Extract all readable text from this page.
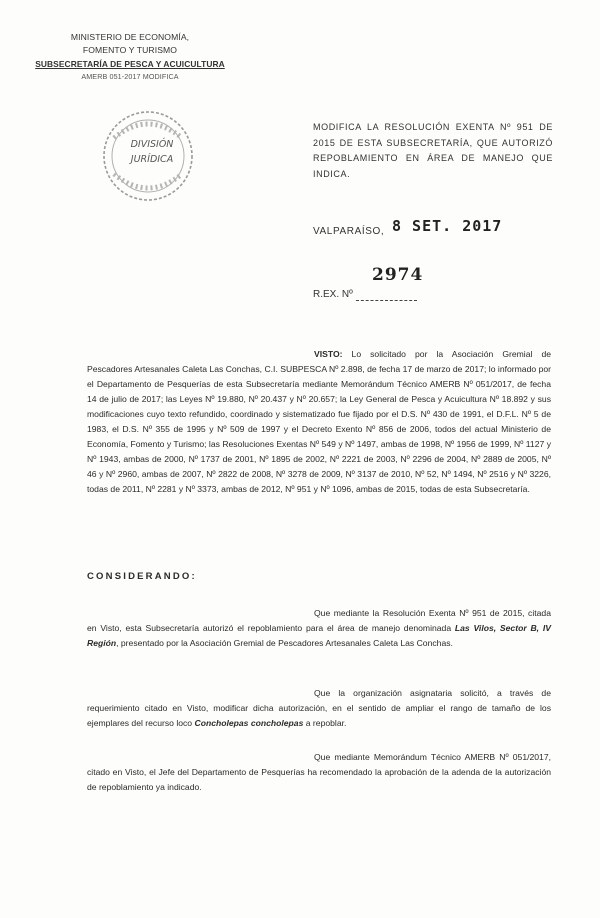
MINISTERIO DE ECONOMÍA,
FOMENTO Y TURISMO
SUBSECRETARÍA DE PESCA Y ACUICULTURA
AMERB 051-2017 MODIFICA
DIVISIÓN
JURÍDICA
MODIFICA LA RESOLUCIÓN EXENTA Nº 951 DE 2015 DE ESTA SUBSECRETARÍA, QUE AUTORIZÓ REPOBLAMIENTO EN ÁREA DE MANEJO QUE INDICA.
VALPARAÍSO, 8 SET. 2017
2974
R.EX. Nº
VISTO: Lo solicitado por la Asociación Gremial de Pescadores Artesanales Caleta Las Conchas, C.I. SUBPESCA Nº 2.898, de fecha 17 de marzo de 2017; lo informado por el Departamento de Pesquerías de esta Subsecretaría mediante Memorándum Técnico AMERB Nº 051/2017, de fecha 14 de julio de 2017; las Leyes Nº 19.880, Nº 20.437 y Nº 20.657; la Ley General de Pesca y Acuicultura Nº 18.892 y sus modificaciones cuyo texto refundido, coordinado y sistematizado fue fijado por el D.S. Nº 430 de 1991, el D.F.L. Nº 5 de 1983, el D.S. Nº 355 de 1995 y Nº 509 de 1997 y el Decreto Exento Nº 856 de 2006, todos del actual Ministerio de Economía, Fomento y Turismo; las Resoluciones Exentas Nº 549 y Nº 1497, ambas de 1998, Nº 1956 de 1999, Nº 1127 y Nº 1943, ambas de 2000, Nº 1737 de 2001, Nº 1895 de 2002, Nº 2221 de 2003, Nº 2296 de 2004, Nº 2889 de 2005, Nº 46 y Nº 2960, ambas de 2007, Nº 2822 de 2008, Nº 3278 de 2009, Nº 3137 de 2010, Nº 52, Nº 1494, Nº 2516 y Nº 3226, todas de 2011, Nº 2281 y Nº 3373, ambas de 2012, Nº 951 y Nº 1096, ambas de 2015, todas de esta Subsecretaría.
CONSIDERANDO:
Que mediante la Resolución Exenta Nº 951 de 2015, citada en Visto, esta Subsecretaría autorizó el repoblamiento para el área de manejo denominada Las Vilos, Sector B, IV Región, presentado por la Asociación Gremial de Pescadores Artesanales Caleta Las Conchas.
Que la organización asignataria solicitó, a través de requerimiento citado en Visto, modificar dicha autorización, en el sentido de ampliar el rango de tamaño de los ejemplares del recurso loco Concholepas concholepas a repoblar.
Que mediante Memorándum Técnico AMERB Nº 051/2017, citado en Visto, el Jefe del Departamento de Pesquerías ha recomendado la aprobación de la adenda de la autorización de repoblamiento ya indicado.
